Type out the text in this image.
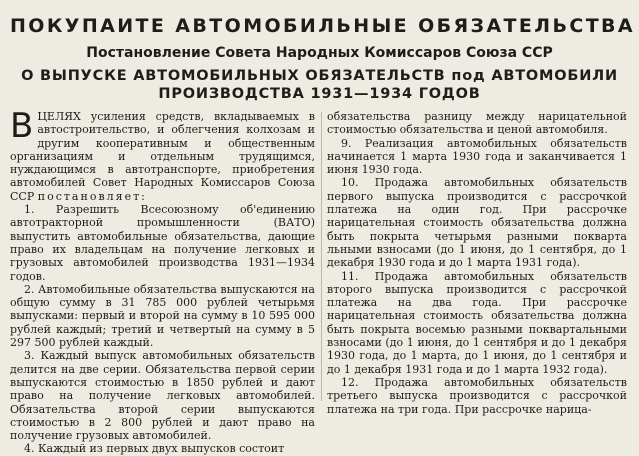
ПОКУПАИТЕ АВТОМОБИЛЬНЫЕ ОБЯЗАТЕЛЬСТВА
Постановление Совета Народных Комиссаров Союза ССР
О ВЫПУСКЕ АВТОМОБИЛЬНЫХ ОБЯЗАТЕЛЬСТВ под АВТОМОБИЛИ
ПРОИЗВОДСТВА 1931—1934 ГОДОВ

ВЦЕЛЯХ усиления средств, вкладываемых в автостроительство, и облегчения колхозам и другим кооперативным и общественным организациям и отдельным трудящимся, нуждающимся в автотранспорте, приобретения автомобилей Совет Народных Комиссаров Союза ССР постановляет:

1. Разрешить Всесоюзному об'единению автотракторной промышленности (ВАТО) выпустить автомобильные обязательства, дающие право их владельцам на получение легковых и грузовых автомобилей производства 1931—1934 годов.

2. Автомобильные обязательства выпускаются на общую сумму в 31 785 000 рублей четырьмя выпусками: первый и второй на сумму в 10 595 000 рублей каждый; третий и четвертый на сумму в 5 297 500 рублей каждый.

3. Каждый выпуск автомобильных обязательств делится на две серии. Обязательства первой серии выпускаются стоимостью в 1850 рублей и дают право на получение легковых автомобилей. Обязательства второй серии выпускаются стоимостью в 2 800 рублей и дают право на получение грузовых автомобилей.

4. Каждый из первых двух выпусков состоит

обязательства разницу между нарицательной стоимостью обязательства и ценой автомобиля.

9. Реализация автомобильных обязательств начинается 1 марта 1930 года и заканчивается 1 июня 1930 года.

10. Продажа автомобильных обязательств первого выпуска производится с рассрочкой платежа на один год. При рассрочке нарицательная стоимость обязательства должна быть покрыта четырьмя разными покварта льными взносами (до 1 июня, до 1 сентября, до 1 декабря 1930 года и до 1 марта 1931 года).

11. Продажа автомобильных обязательств второго выпуска производится с рассрочкой платежа на два года. При рассрочке нарицательная стоимость обязательства должна быть покрыта восемью разными поквартальными взносами (до 1 июня, до 1 сентября и до 1 декабря 1930 года, до 1 марта, до 1 июня, до 1 сентября и до 1 декабря 1931 года и до 1 марта 1932 года).

12. Продажа автомобильных обязательств третьего выпуска производится с рассрочкой платежа на три года. При рассрочке нарица-
